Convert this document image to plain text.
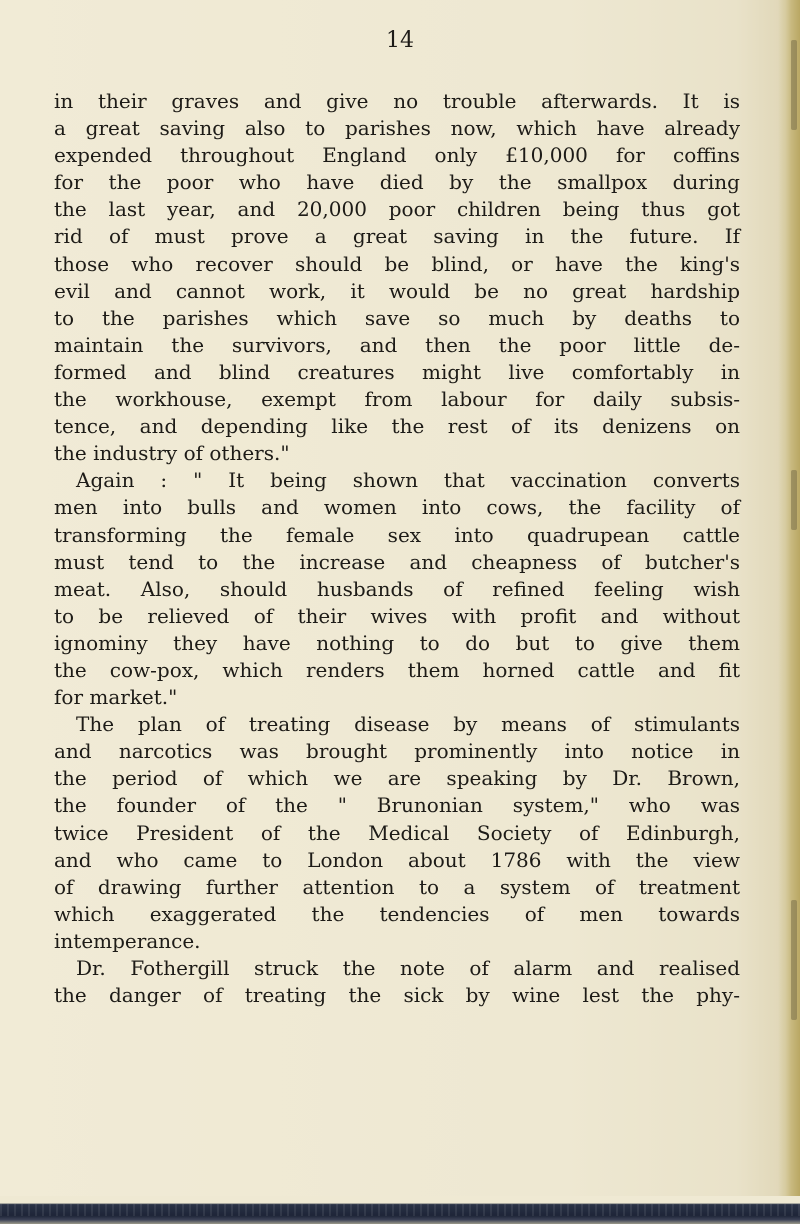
14
in their graves and give no trouble afterwards. It is
a great saving also to parishes now, which have already
expended throughout England only £10,000 for coffins
for the poor who have died by the smallpox during
the last year, and 20,000 poor children being thus got
rid of must prove a great saving in the future. If
those who recover should be blind, or have the king's
evil and cannot work, it would be no great hardship
to the parishes which save so much by deaths to
maintain the survivors, and then the poor little de-
formed and blind creatures might live comfortably in
the workhouse, exempt from labour for daily subsis-
tence, and depending like the rest of its denizens on
the industry of others."
Again : " It being shown that vaccination converts
men into bulls and women into cows, the facility of
transforming the female sex into quadrupean cattle
must tend to the increase and cheapness of butcher's
meat. Also, should husbands of refined feeling wish
to be relieved of their wives with profit and without
ignominy they have nothing to do but to give them
the cow-pox, which renders them horned cattle and fit
for market."
The plan of treating disease by means of stimulants
and narcotics was brought prominently into notice in
the period of which we are speaking by Dr. Brown,
the founder of the " Brunonian system," who was
twice President of the Medical Society of Edinburgh,
and who came to London about 1786 with the view
of drawing further attention to a system of treatment
which exaggerated the tendencies of men towards
intemperance.
Dr. Fothergill struck the note of alarm and realised
the danger of treating the sick by wine lest the phy-
